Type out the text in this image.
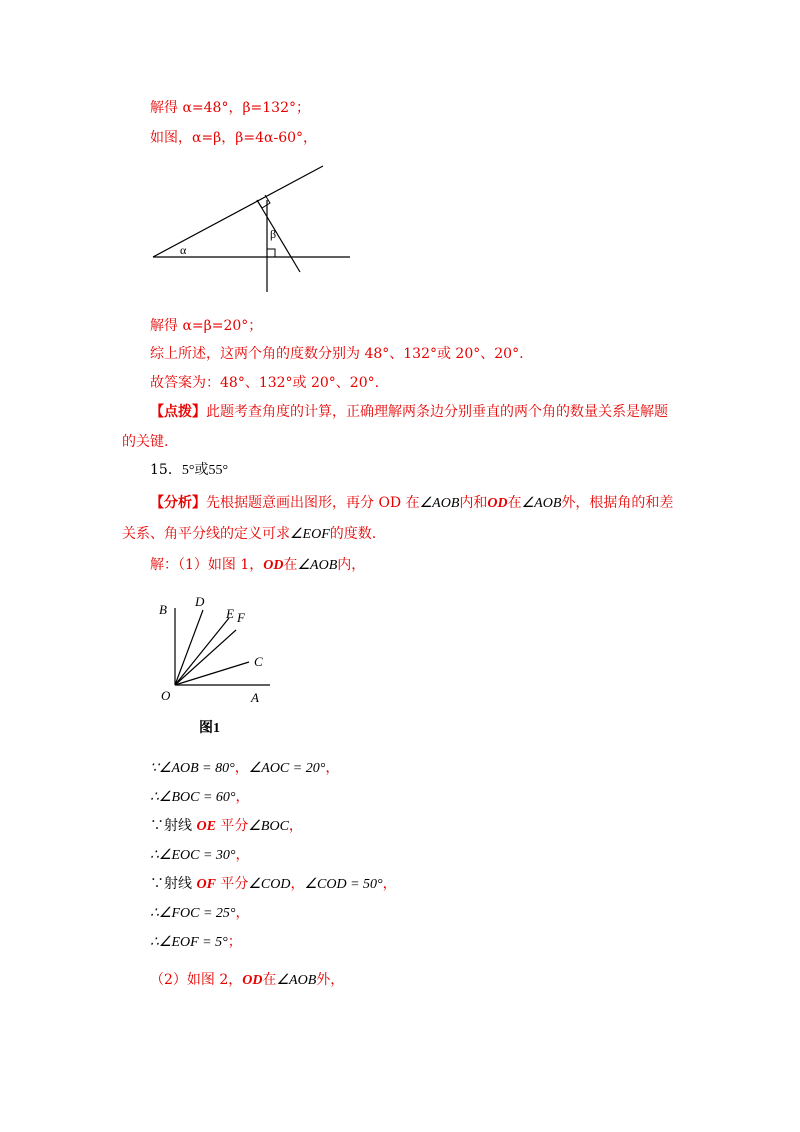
解得 α=48°，β=132°；
如图，α=β，β=4α-60°，
α
β
解得 α=β=20°；
综上所述，这两个角的度数分别为 48°、132°或 20°、20°.
故答案为：48°、132°或 20°、20°.
【点拨】此题考查角度的计算，正确理解两条边分别垂直的两个角的数量关系是解题的关键.
15．5°或55°
【分析】先根据题意画出图形，再分 OD 在∠AOB内和OD在∠AOB外，根据角的和差关系、角平分线的定义可求∠EOF的度数.
解：（1）如图 1，OD在∠AOB内，
B
D
E F
C
O	A
图1
∵∠AOB = 80°，∠AOC = 20°，
∴∠BOC = 60°，
∵射线 OE 平分∠BOC，
∴∠EOC = 30°，
∵射线 OF 平分∠COD，∠COD = 50°，
∴∠FOC = 25°，
∴∠EOF = 5°；
（2）如图 2，OD在∠AOB外，
